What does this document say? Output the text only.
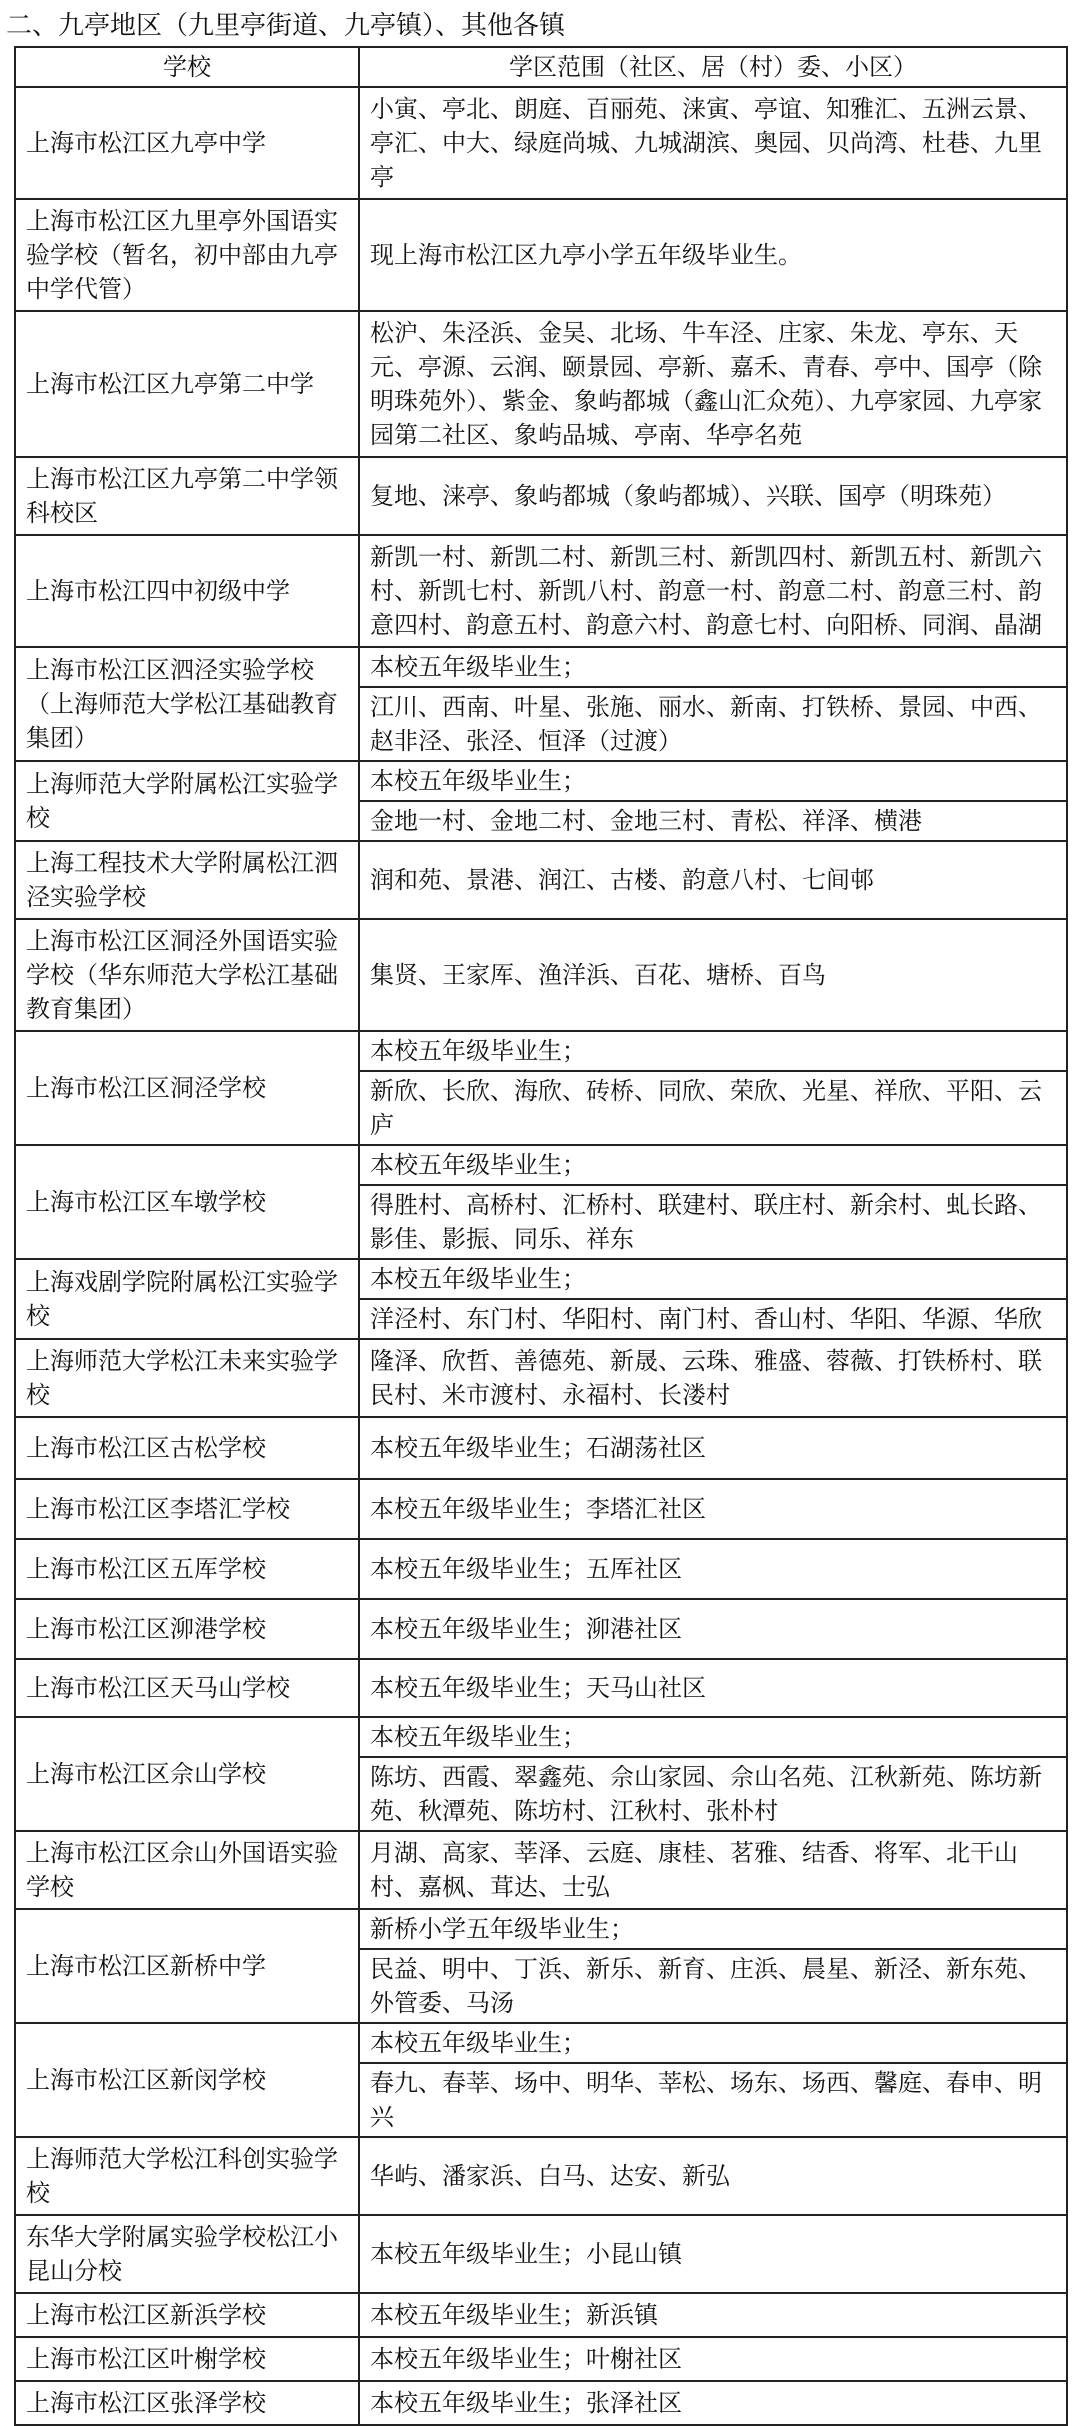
二、九亭地区（九里亭街道、九亭镇）、其他各镇
学校	学区范围（社区、居（村）委、小区）
上海市松江区九亭中学	小寅、亭北、朗庭、百丽苑、涞寅、亭谊、知雅汇、五洲云景、亭汇、中大、绿庭尚城、九城湖滨、奥园、贝尚湾、杜巷、九里亭
上海市松江区九里亭外国语实验学校（暂名，初中部由九亭中学代管）	现上海市松江区九亭小学五年级毕业生。
上海市松江区九亭第二中学	松沪、朱泾浜、金吴、北场、牛车泾、庄家、朱龙、亭东、天元、亭源、云润、颐景园、亭新、嘉禾、青春、亭中、国亭（除明珠苑外）、紫金、象屿都城（鑫山汇众苑）、九亭家园、九亭家园第二社区、象屿品城、亭南、华亭名苑
上海市松江区九亭第二中学领科校区	复地、涞亭、象屿都城（象屿都城）、兴联、国亭（明珠苑）
上海市松江四中初级中学	新凯一村、新凯二村、新凯三村、新凯四村、新凯五村、新凯六村、新凯七村、新凯八村、韵意一村、韵意二村、韵意三村、韵意四村、韵意五村、韵意六村、韵意七村、向阳桥、同润、晶湖
上海市松江区泗泾实验学校（上海师范大学松江基础教育集团）	本校五年级毕业生；
	江川、西南、叶星、张施、丽水、新南、打铁桥、景园、中西、赵非泾、张泾、恒泽（过渡）
上海师范大学附属松江实验学校	本校五年级毕业生；
	金地一村、金地二村、金地三村、青松、祥泽、横港
上海工程技术大学附属松江泗泾实验学校	润和苑、景港、润江、古楼、韵意八村、七间邨
上海市松江区洞泾外国语实验学校（华东师范大学松江基础教育集团）	集贤、王家厍、渔洋浜、百花、塘桥、百鸟
上海市松江区洞泾学校	本校五年级毕业生；
	新欣、长欣、海欣、砖桥、同欣、荣欣、光星、祥欣、平阳、云庐
上海市松江区车墩学校	本校五年级毕业生；
	得胜村、高桥村、汇桥村、联建村、联庄村、新余村、虬长路、影佳、影振、同乐、祥东
上海戏剧学院附属松江实验学校	本校五年级毕业生；
	洋泾村、东门村、华阳村、南门村、香山村、华阳、华源、华欣
上海师范大学松江未来实验学校	隆泽、欣哲、善德苑、新晟、云珠、雅盛、蓉薇、打铁桥村、联民村、米市渡村、永福村、长溇村
上海市松江区古松学校	本校五年级毕业生；石湖荡社区
上海市松江区李塔汇学校	本校五年级毕业生；李塔汇社区
上海市松江区五厍学校	本校五年级毕业生；五厍社区
上海市松江区泖港学校	本校五年级毕业生；泖港社区
上海市松江区天马山学校	本校五年级毕业生；天马山社区
上海市松江区佘山学校	本校五年级毕业生；
	陈坊、西霞、翠鑫苑、佘山家园、佘山名苑、江秋新苑、陈坊新苑、秋潭苑、陈坊村、江秋村、张朴村
上海市松江区佘山外国语实验学校	月湖、高家、莘泽、云庭、康桂、茗雅、结香、将军、北干山村、嘉枫、茸达、士弘
上海市松江区新桥中学	新桥小学五年级毕业生；
	民益、明中、丁浜、新乐、新育、庄浜、晨星、新泾、新东苑、外管委、马汤
上海市松江区新闵学校	本校五年级毕业生；
	春九、春莘、场中、明华、莘松、场东、场西、馨庭、春申、明兴
上海师范大学松江科创实验学校	华屿、潘家浜、白马、达安、新弘
东华大学附属实验学校松江小昆山分校	本校五年级毕业生；小昆山镇
上海市松江区新浜学校	本校五年级毕业生；新浜镇
上海市松江区叶榭学校	本校五年级毕业生；叶榭社区
上海市松江区张泽学校	本校五年级毕业生；张泽社区
